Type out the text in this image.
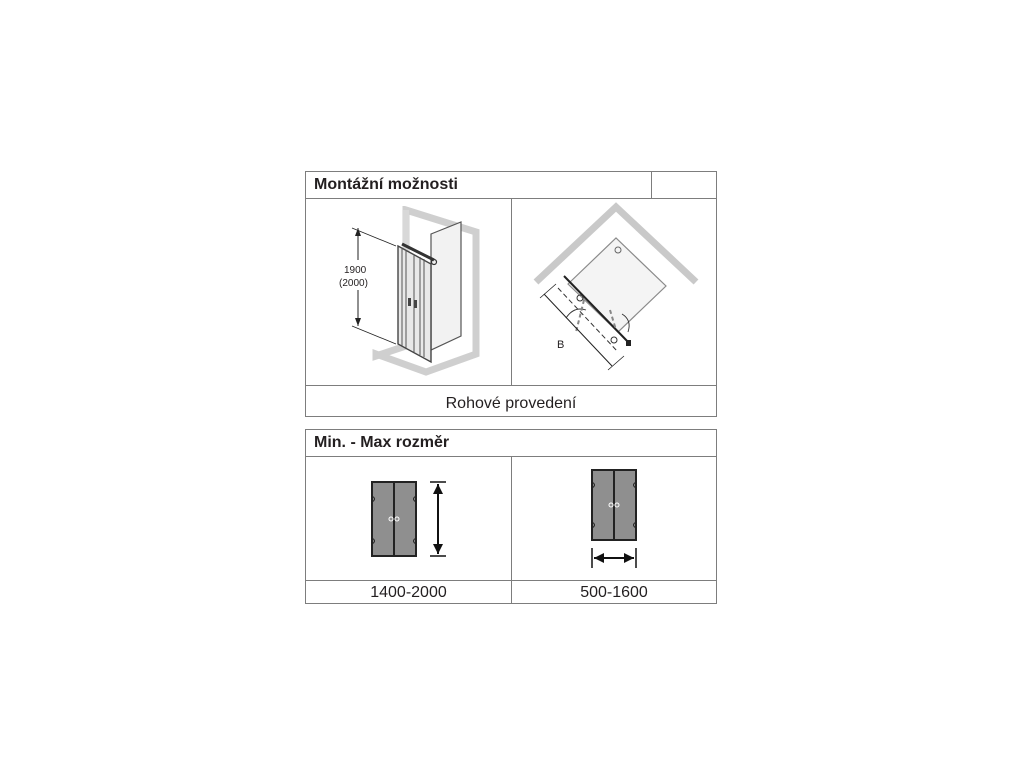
Montážní možnosti
1900
(2000)
B
Rohové provedení
Min. - Max rozměr
1400-2000	500-1600
